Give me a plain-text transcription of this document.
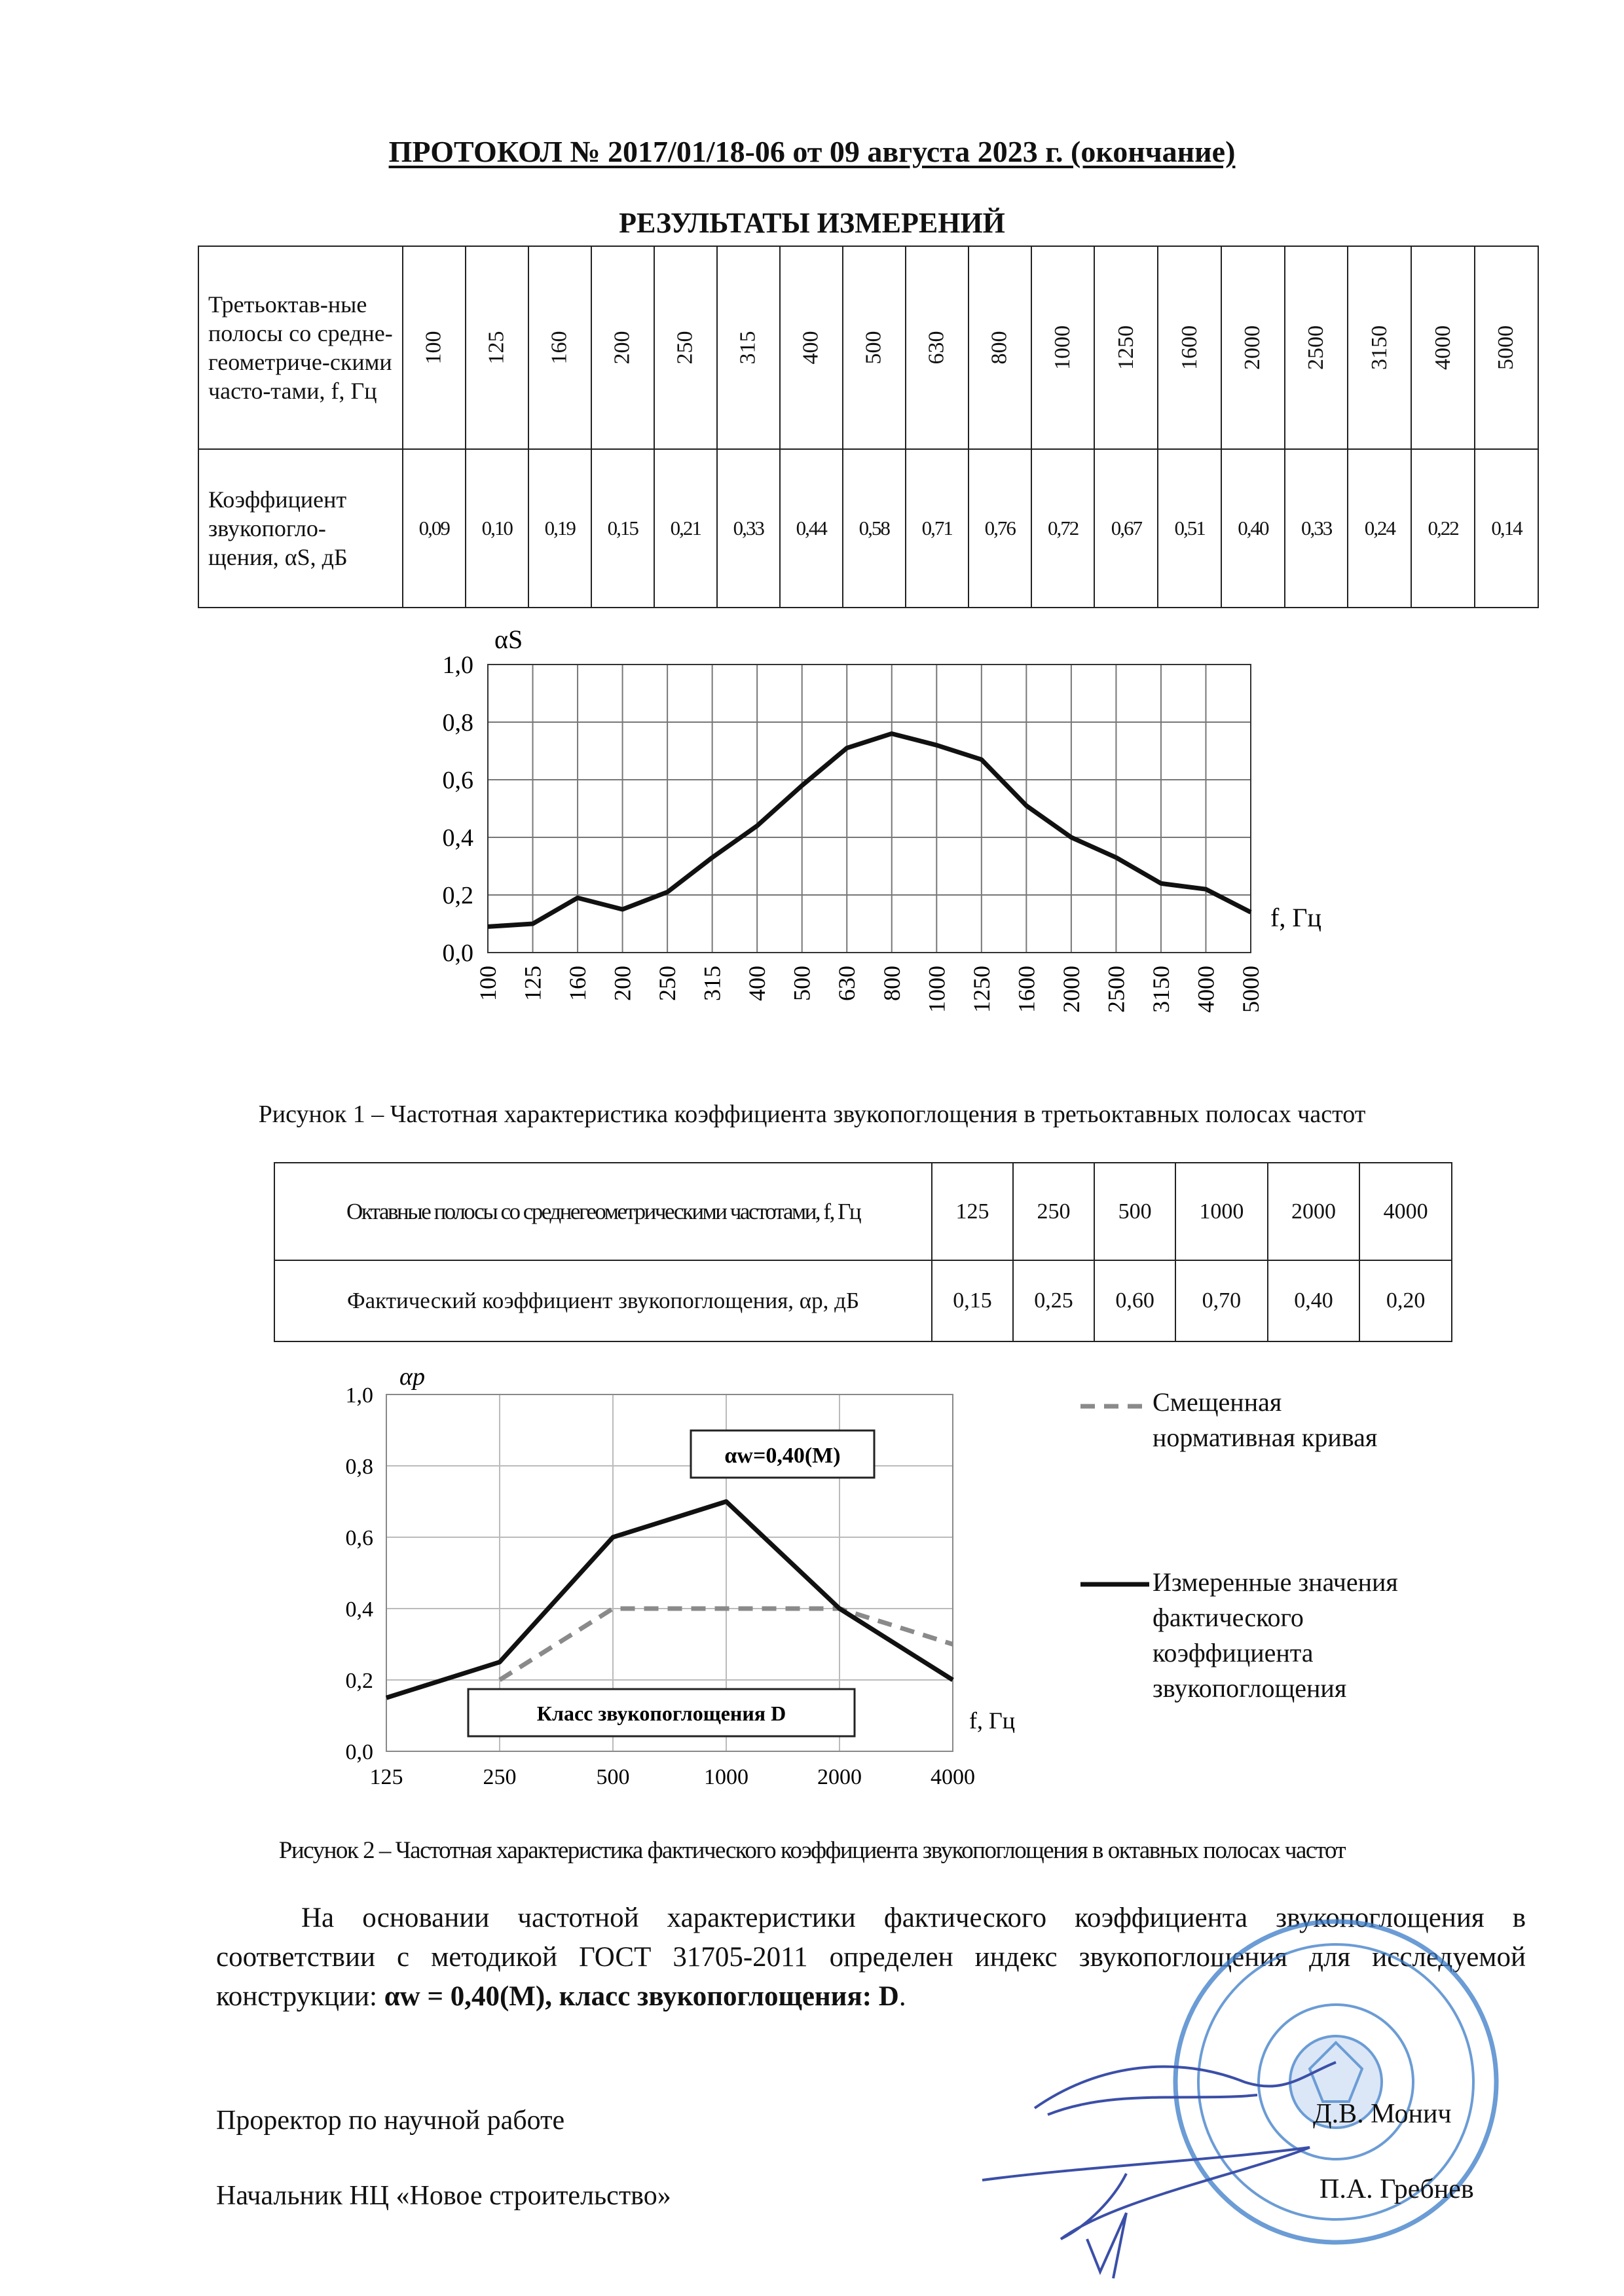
ПРОТОКОЛ № 2017/01/18-06 от 09 августа 2023 г. (окончание)
РЕЗУЛЬТАТЫ ИЗМЕРЕНИЙ
Третьоктав-ные полосы со средне-геометриче-скими часто-тами, f, Гц	100	125	160	200	250	315	400	500	630	800	1000	1250	1600	2000	2500	3150	4000	5000
Коэффициент звукопогло-щения, αS, дБ	0,09	0,10	0,19	0,15	0,21	0,33	0,44	0,58	0,71	0,76	0,72	0,67	0,51	0,40	0,33	0,24	0,22	0,14
0,0
0,2
0,4
0,6
0,8
1,0
100 125 160 200 250 315 400 500 630 800 1000 1250 1600 2000 2500 3150 4000 5000
αS
f, Гц
Рисунок 1 – Частотная характеристика коэффициента звукопоглощения в третьоктавных полосах частот
Октавные полосы со среднегеометрическими частотами, f, Гц	125	250	500	1000	2000	4000
Фактический коэффициент звукопоглощения, αp, дБ	0,15	0,25	0,60	0,70	0,40	0,20
125	250	500	1000	2000	4000
0,0
0,2
0,4
0,6
0,8
1,0
αw=0,40(M)
Класс звукопоглощения D
αp
f, Гц
Смещенная нормативная кривая
Измеренные значения фактического коэффициента звукопоглощения
Рисунок 2 – Частотная характеристика фактического коэффициента звукопоглощения в октавных полосах частот
На основании частотной характеристики фактического коэффициента звукопоглощения в соответствии с методикой ГОСТ 31705-2011 определен индекс звукопоглощения для исследуемой конструкции: αw = 0,40(M), класс звукопоглощения: D.
Проректор по научной работе	Д.В. Монич
Начальник НЦ «Новое строительство»	П.А. Гребнев
